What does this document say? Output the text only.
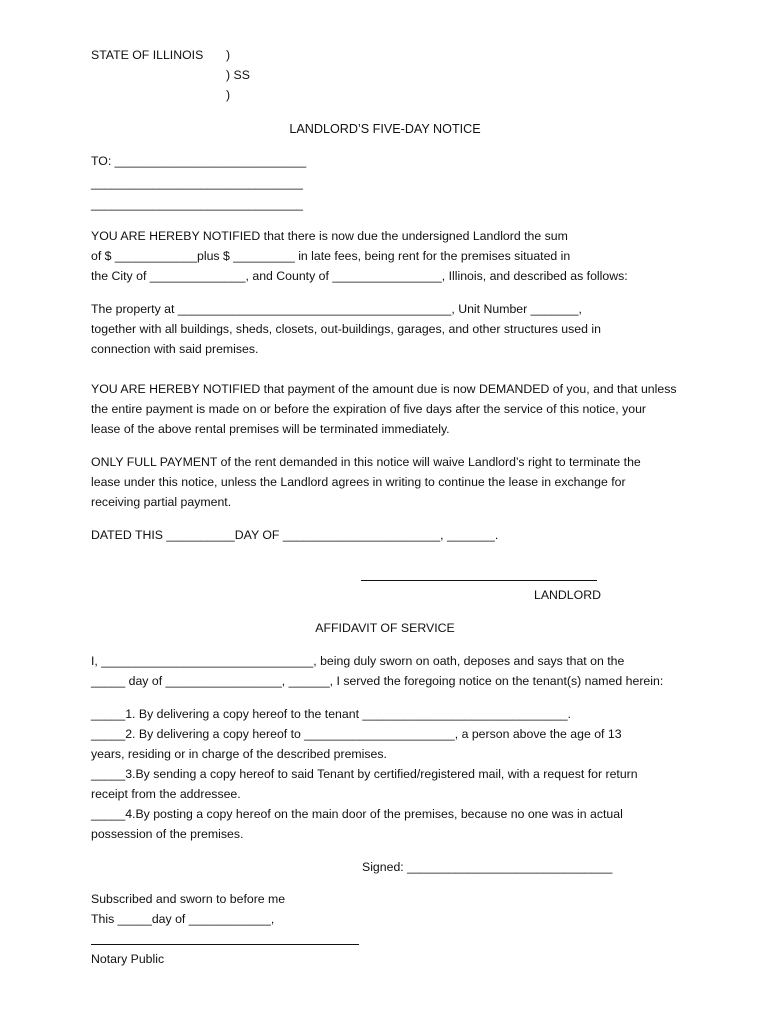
STATE OF ILLINOIS )
) SS
)
LANDLORD’S FIVE-DAY NOTICE
TO: ____________________________
_______________________________
_______________________________
YOU ARE HEREBY NOTIFIED that there is now due the undersigned Landlord the sum
of $ ____________plus $ _________ in late fees, being rent for the premises situated in
the City of ______________, and County of ________________, Illinois, and described as follows:
The property at ________________________________________, Unit Number _______,
together with all buildings, sheds, closets, out-buildings, garages, and other structures used in
connection with said premises.
YOU ARE HEREBY NOTIFIED that payment of the amount due is now DEMANDED of you, and that unless
the entire payment is made on or before the expiration of five days after the service of this notice, your
lease of the above rental premises will be terminated immediately.
ONLY FULL PAYMENT of the rent demanded in this notice will waive Landlord’s right to terminate the
lease under this notice, unless the Landlord agrees in writing to continue the lease in exchange for
receiving partial payment.
DATED THIS __________DAY OF _______________________, _______.
LANDLORD
AFFIDAVIT OF SERVICE
I, _______________________________, being duly sworn on oath, deposes and says that on the
_____ day of _________________, ______, I served the foregoing notice on the tenant(s) named herein:
_____1. By delivering a copy hereof to the tenant ______________________________.
_____2. By delivering a copy hereof to ______________________, a person above the age of 13
years, residing or in charge of the described premises.
_____3.By sending a copy hereof to said Tenant by certified/registered mail, with a request for return
receipt from the addressee.
_____4.By posting a copy hereof on the main door of the premises, because no one was in actual
possession of the premises.
Signed: ______________________________
Subscribed and sworn to before me
This _____day of ____________,
Notary Public
